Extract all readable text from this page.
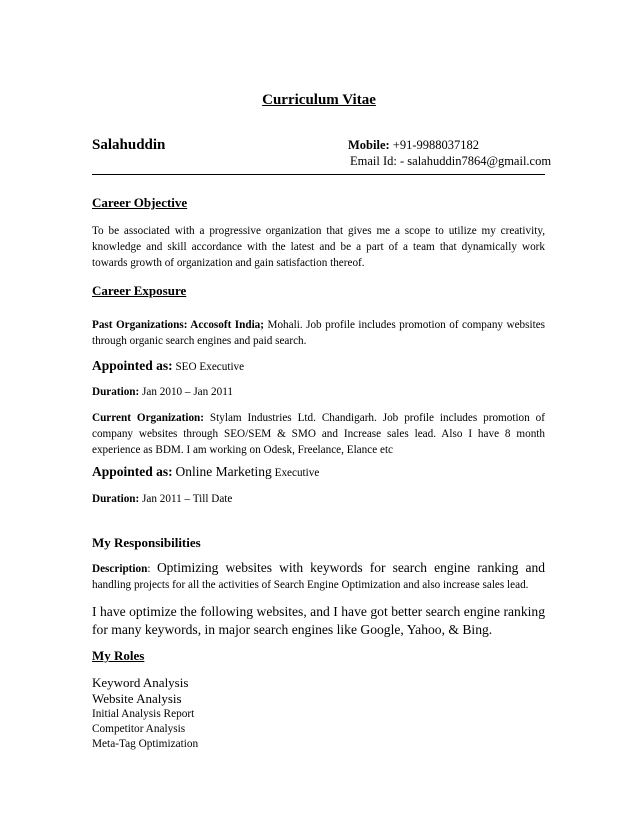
Curriculum Vitae
Salahuddin	Mobile: +91-9988037182
Email Id: - salahuddin7864@gmail.com
Career Objective
To be associated with a progressive organization that gives me a scope to utilize my creativity, knowledge and skill accordance with the latest and be a part of a team that dynamically work towards growth of organization and gain satisfaction thereof.
Career Exposure
Past Organizations: Accosoft India; Mohali. Job profile includes promotion of company websites through organic search engines and paid search.
Appointed as: SEO Executive
Duration: Jan 2010 – Jan 2011
Current Organization: Stylam Industries Ltd. Chandigarh. Job profile includes promotion of company websites through SEO/SEM & SMO and Increase sales lead. Also I have 8 month experience as BDM. I am working on Odesk, Freelance, Elance etc
Appointed as: Online Marketing Executive
Duration: Jan 2011 – Till Date
My Responsibilities
Description: Optimizing websites with keywords for search engine ranking and handling projects for all the activities of Search Engine Optimization and also increase sales lead.
I have optimize the following websites, and I have got better search engine ranking for many keywords, in major search engines like Google, Yahoo, & Bing.
My Roles
Keyword Analysis
Website Analysis
Initial Analysis Report
Competitor Analysis
Meta-Tag Optimization
